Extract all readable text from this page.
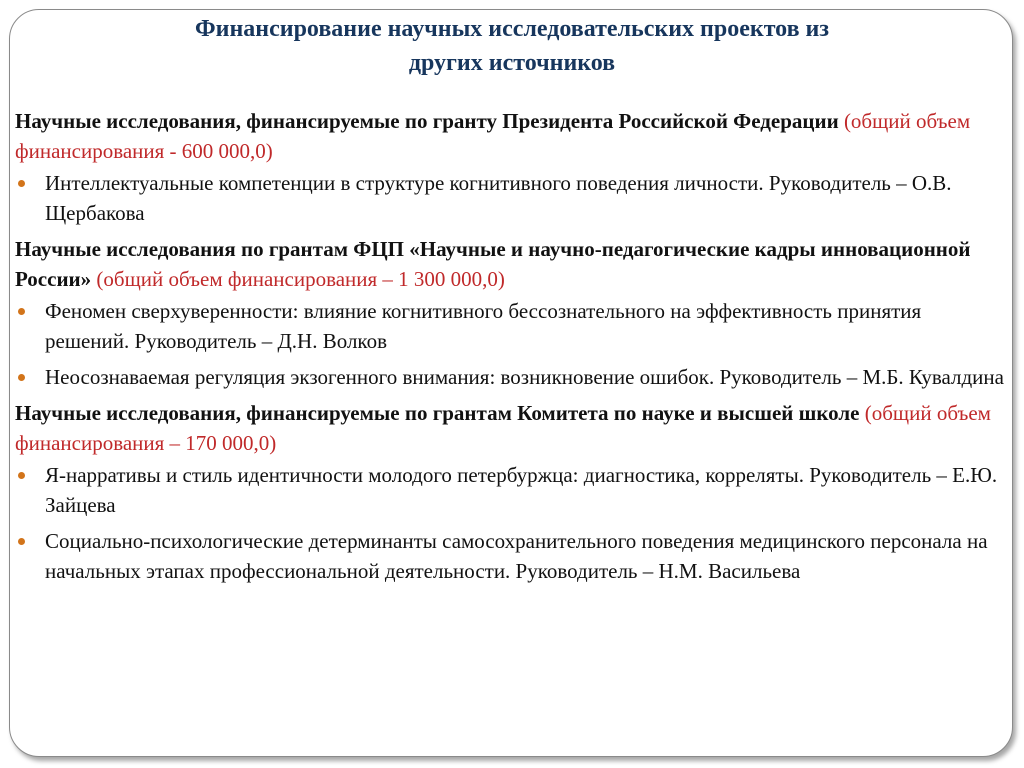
Финансирование научных исследовательских проектов из
других источников
Научные исследования, финансируемые по гранту Президента Российской Федерации (общий объем финансирования - 600 000,0)
Интеллектуальные компетенции в структуре когнитивного поведения личности. Руководитель – О.В. Щербакова
Научные исследования по грантам ФЦП «Научные и научно-педагогические кадры инновационной России» (общий объем финансирования – 1 300 000,0)
Феномен сверхуверенности: влияние когнитивного бессознательного на эффективность принятия решений. Руководитель – Д.Н. Волков
Неосознаваемая регуляция экзогенного внимания: возникновение ошибок. Руководитель – М.Б. Кувалдина
Научные исследования, финансируемые по грантам Комитета по науке и высшей школе (общий объем финансирования – 170 000,0)
Я-нарративы и стиль идентичности молодого петербуржца: диагностика, корреляты. Руководитель – Е.Ю. Зайцева
Социально-психологические детерминанты самосохранительного поведения медицинского персонала на начальных этапах профессиональной деятельности. Руководитель – Н.М. Васильева
